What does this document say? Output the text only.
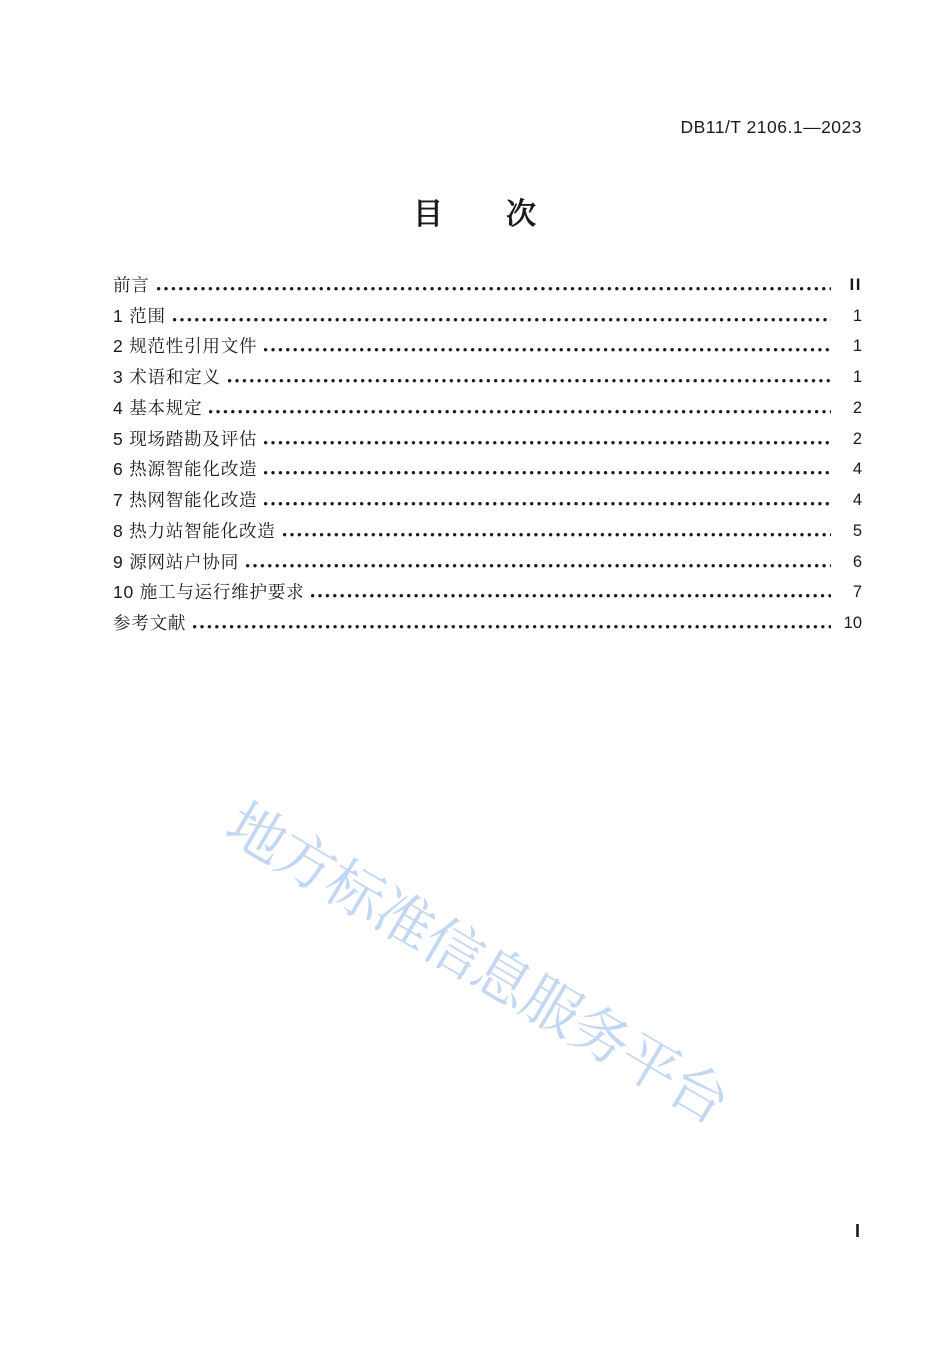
DB11/T 2106.1—2023
目　　次
前言	II
1 范围	1
2 规范性引用文件	1
3 术语和定义	1
4 基本规定	2
5 现场踏勘及评估	2
6 热源智能化改造	4
7 热网智能化改造	4
8 热力站智能化改造	5
9 源网站户协同	6
10 施工与运行维护要求	7
参考文献	10
地方标准信息服务平台
I
